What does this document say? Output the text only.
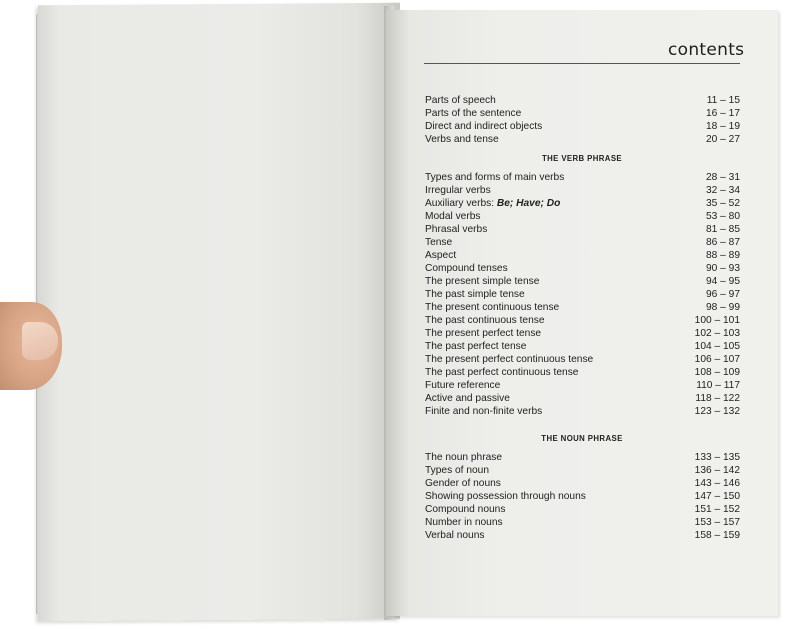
contents
Parts of speech	11 – 15
Parts of the sentence	16 – 17
Direct and indirect objects	18 – 19
Verbs and tense	20 – 27
THE VERB PHRASE
Types and forms of main verbs	28 – 31
Irregular verbs	32 – 34
Auxiliary verbs: Be; Have; Do	35 – 52
Modal verbs	53 – 80
Phrasal verbs	81 – 85
Tense	86 – 87
Aspect	88 – 89
Compound tenses	90 – 93
The present simple tense	94 – 95
The past simple tense	96 – 97
The present continuous tense	98 – 99
The past continuous tense	100 – 101
The present perfect tense	102 – 103
The past perfect tense	104 – 105
The present perfect continuous tense	106 – 107
The past perfect continuous tense	108 – 109
Future reference	110 – 117
Active and passive	118 – 122
Finite and non-finite verbs	123 – 132
THE NOUN PHRASE
The noun phrase	133 – 135
Types of noun	136 – 142
Gender of nouns	143 – 146
Showing possession through nouns	147 – 150
Compound nouns	151 – 152
Number in nouns	153 – 157
Verbal nouns	158 – 159
